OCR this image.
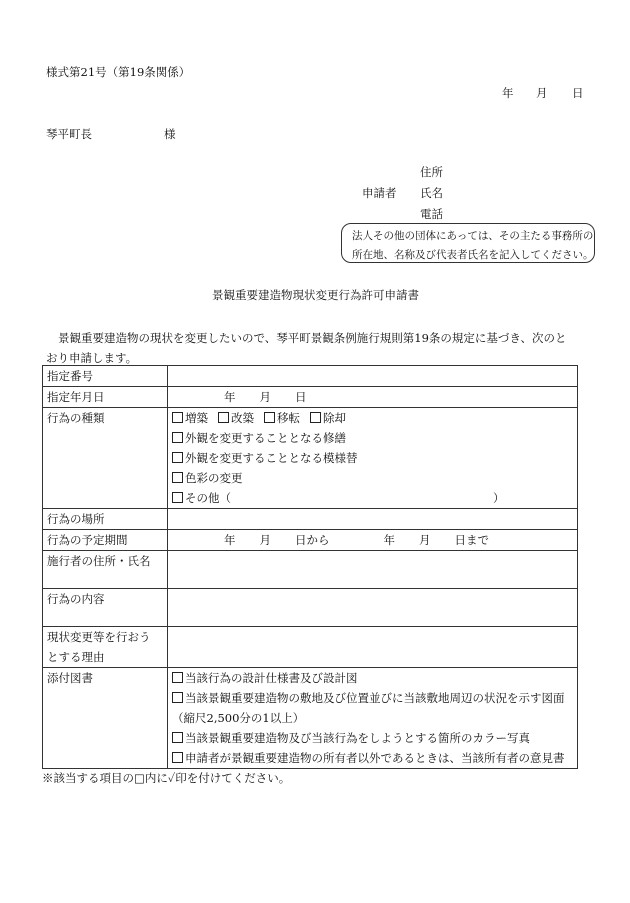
様式第21号（第19条関係）
年 月 日
琴平町長	様
住所
申請者 氏名
電話
法人その他の団体にあっては、その主たる事務所の
所在地、名称及び代表者氏名を記入してください。
景観重要建造物現状変更行為許可申請書
景観重要建造物の現状を変更したいので、琴平町景観条例施行規則第19条の規定に基づき、次のと
おり申請します。
指定番号	
指定年月日	年 月 日
行為の種類	増築 改築 移転 除却
外観を変更することとなる修繕
外観を変更することとなる模様替
色彩の変更
その他（ ）

行為の場所	
行為の予定期間	年 月 日から 年 月 日まで
施行者の住所・氏名	
行為の内容	

現状変更等を行おう
とする理由	

添付図書	当該行為の設計仕様書及び設計図
当該景観重要建造物の敷地及び位置並びに当該敷地周辺の状況を示す図面
（縮尺2,500分の1以上）
当該景観重要建造物及び当該行為をしようとする箇所のカラー写真
申請者が景観重要建造物の所有者以外であるときは、当該所有者の意見書
※該当する項目の□内に✓印を付けてください。
